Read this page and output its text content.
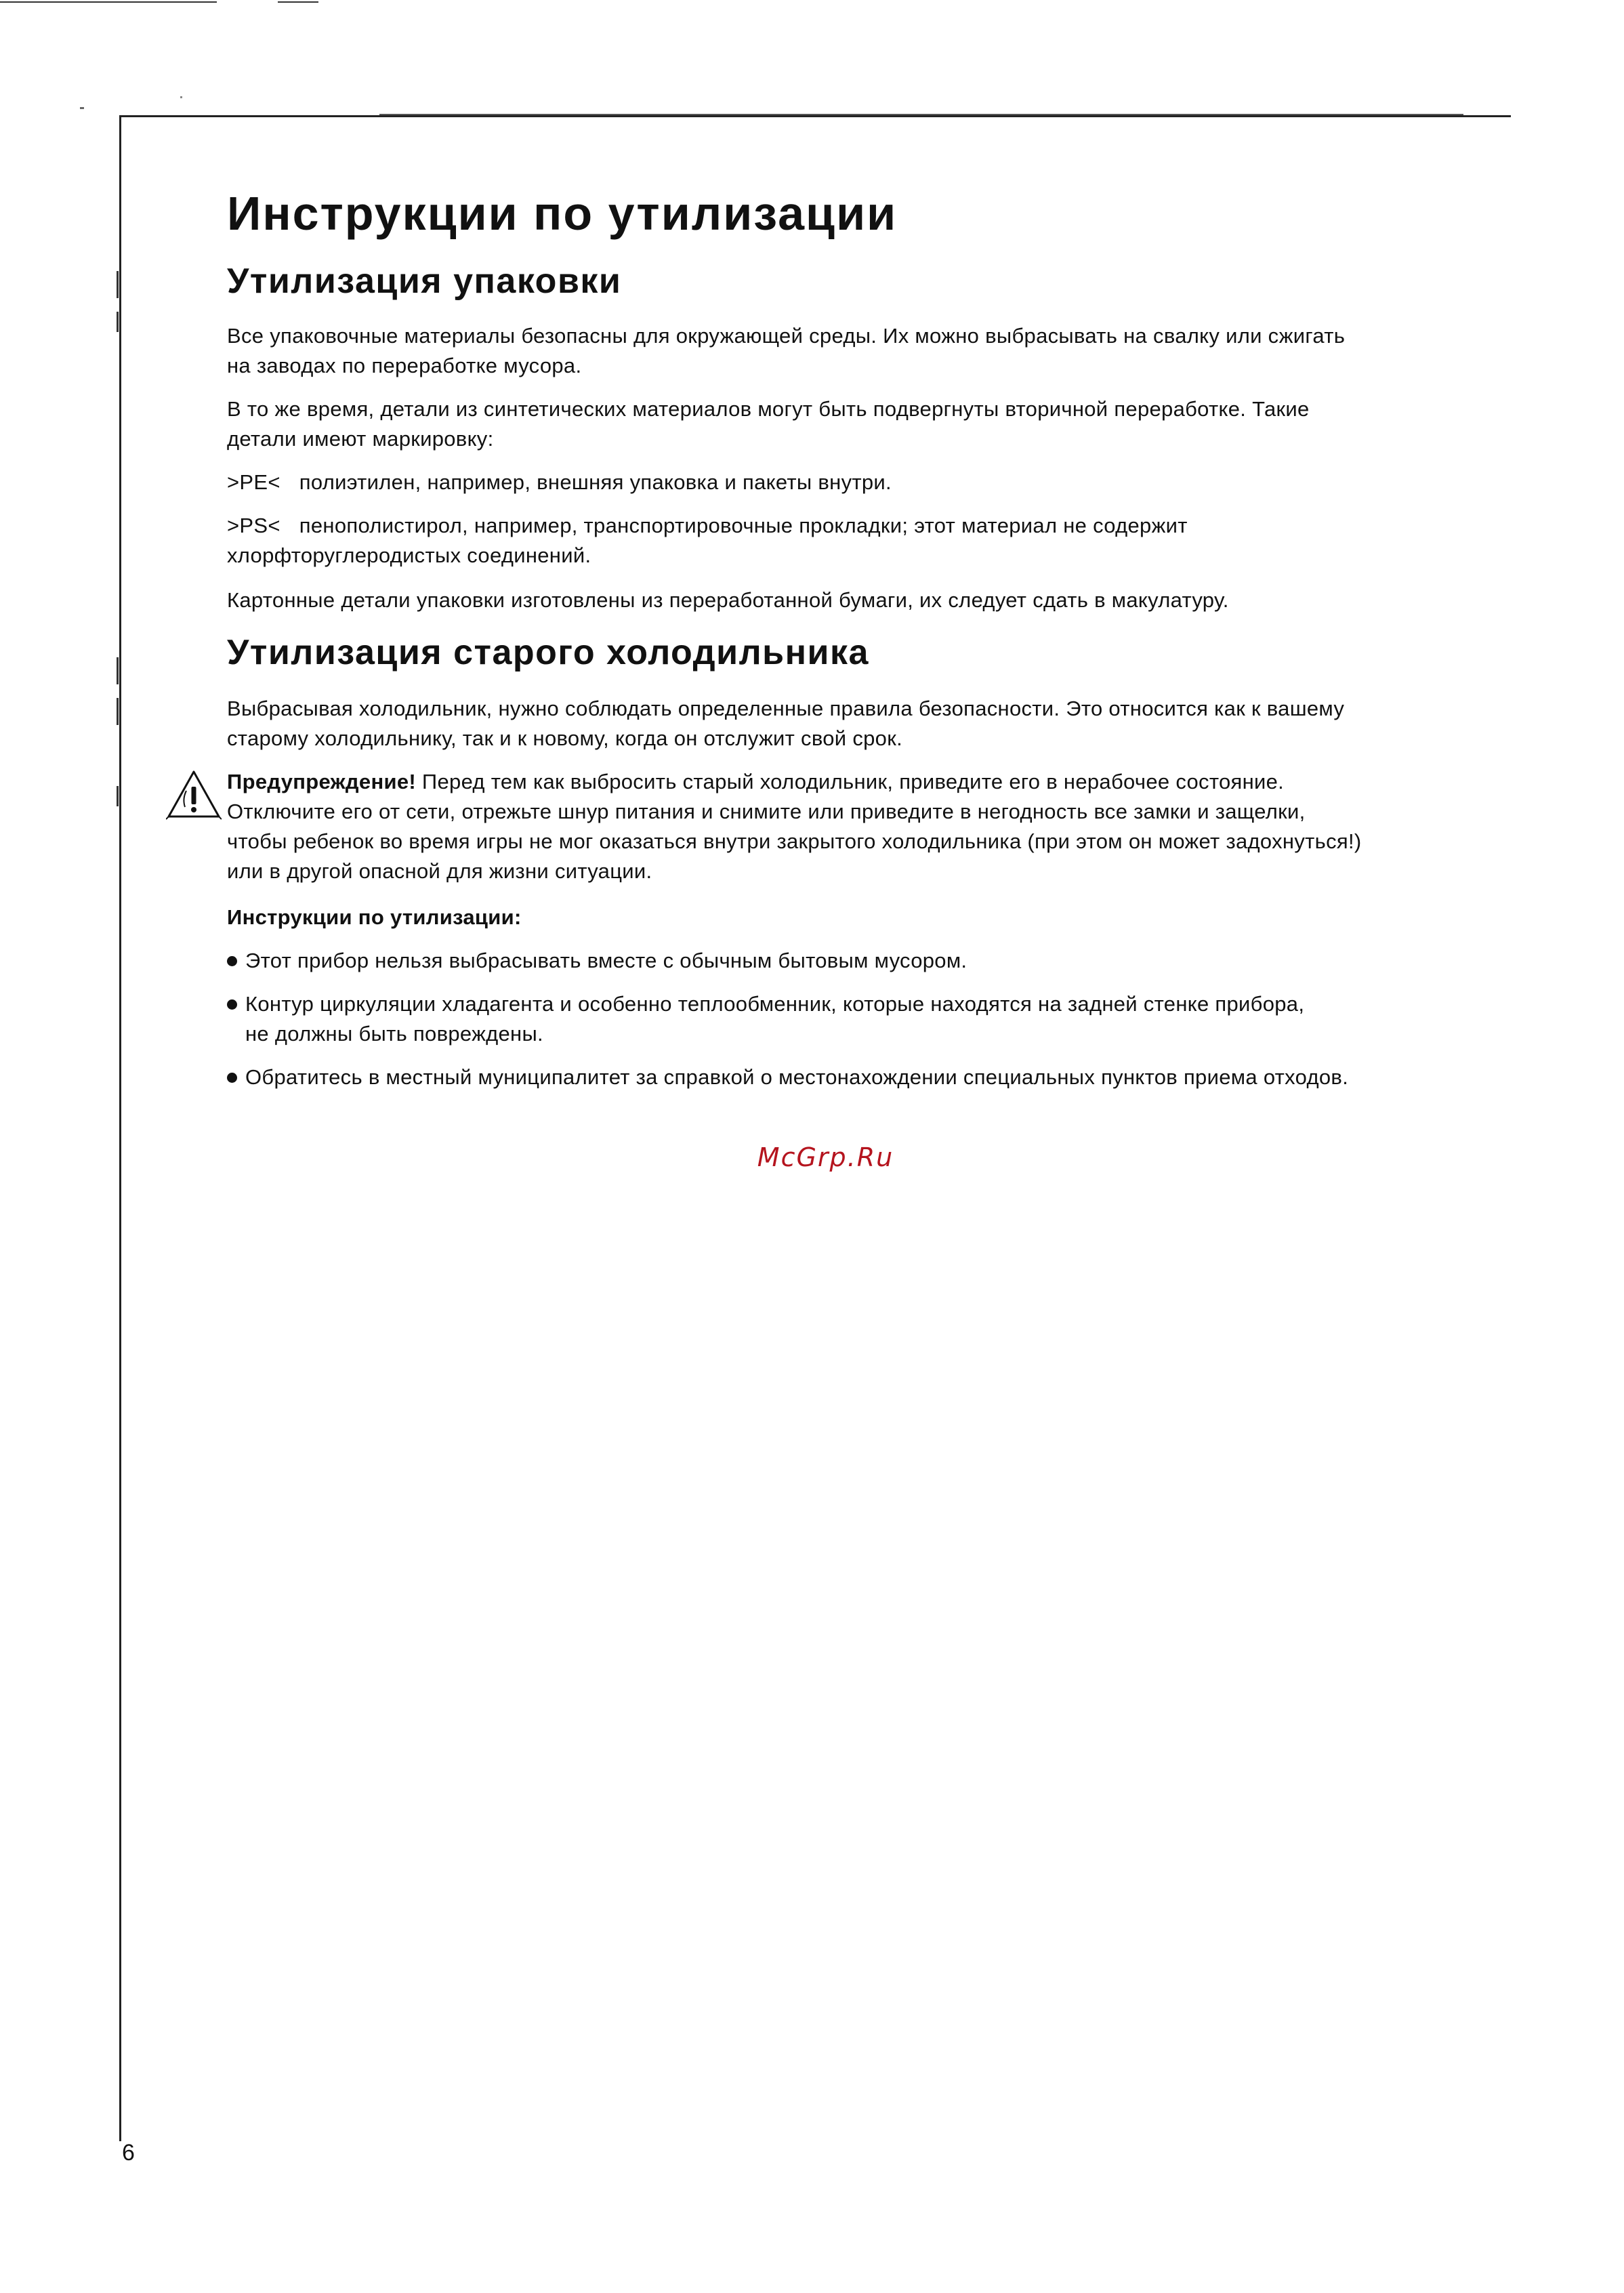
Инструкции по утилизации
Утилизация упаковки

Все упаковочные материалы безопасны для окружающей среды. Их можно выбрасывать на свалку или сжигать

на заводах по переработке мусора.

В то же время, детали из синтетических материалов могут быть подвергнуты вторичной переработке. Такие

детали имеют маркировку:

>PE< полиэтилен, например, внешняя упаковка и пакеты внутри.

>PS< пенополистирол, например, транспортировочные прокладки; этот материал не содержит

хлорфторуглеродистых соединений.

Картонные детали упаковки изготовлены из переработанной бумаги, их следует сдать в макулатуру.

Утилизация старого холодильника

Выбрасывая холодильник, нужно соблюдать определенные правила безопасности. Это относится как к вашему

старому холодильнику, так и к новому, когда он отслужит свой срок.

Предупреждение! Перед тем как выбросить старый холодильник, приведите его в нерабочее состояние.

Отключите его от сети, отрежьте шнур питания и снимите или приведите в негодность все замки и защелки,

чтобы ребенок во время игры не мог оказаться внутри закрытого холодильника (при этом он может задохнуться!)

или в другой опасной для жизни ситуации.

Инструкции по утилизации:

Этот прибор нельзя выбрасывать вместе с обычным бытовым мусором.

Контур циркуляции хладагента и особенно теплообменник, которые находятся на задней стенке прибора,

не должны быть повреждены.

Обратитесь в местный муниципалитет за справкой о местонахождении специальных пунктов приема отходов.

McGrp.Ru
6
